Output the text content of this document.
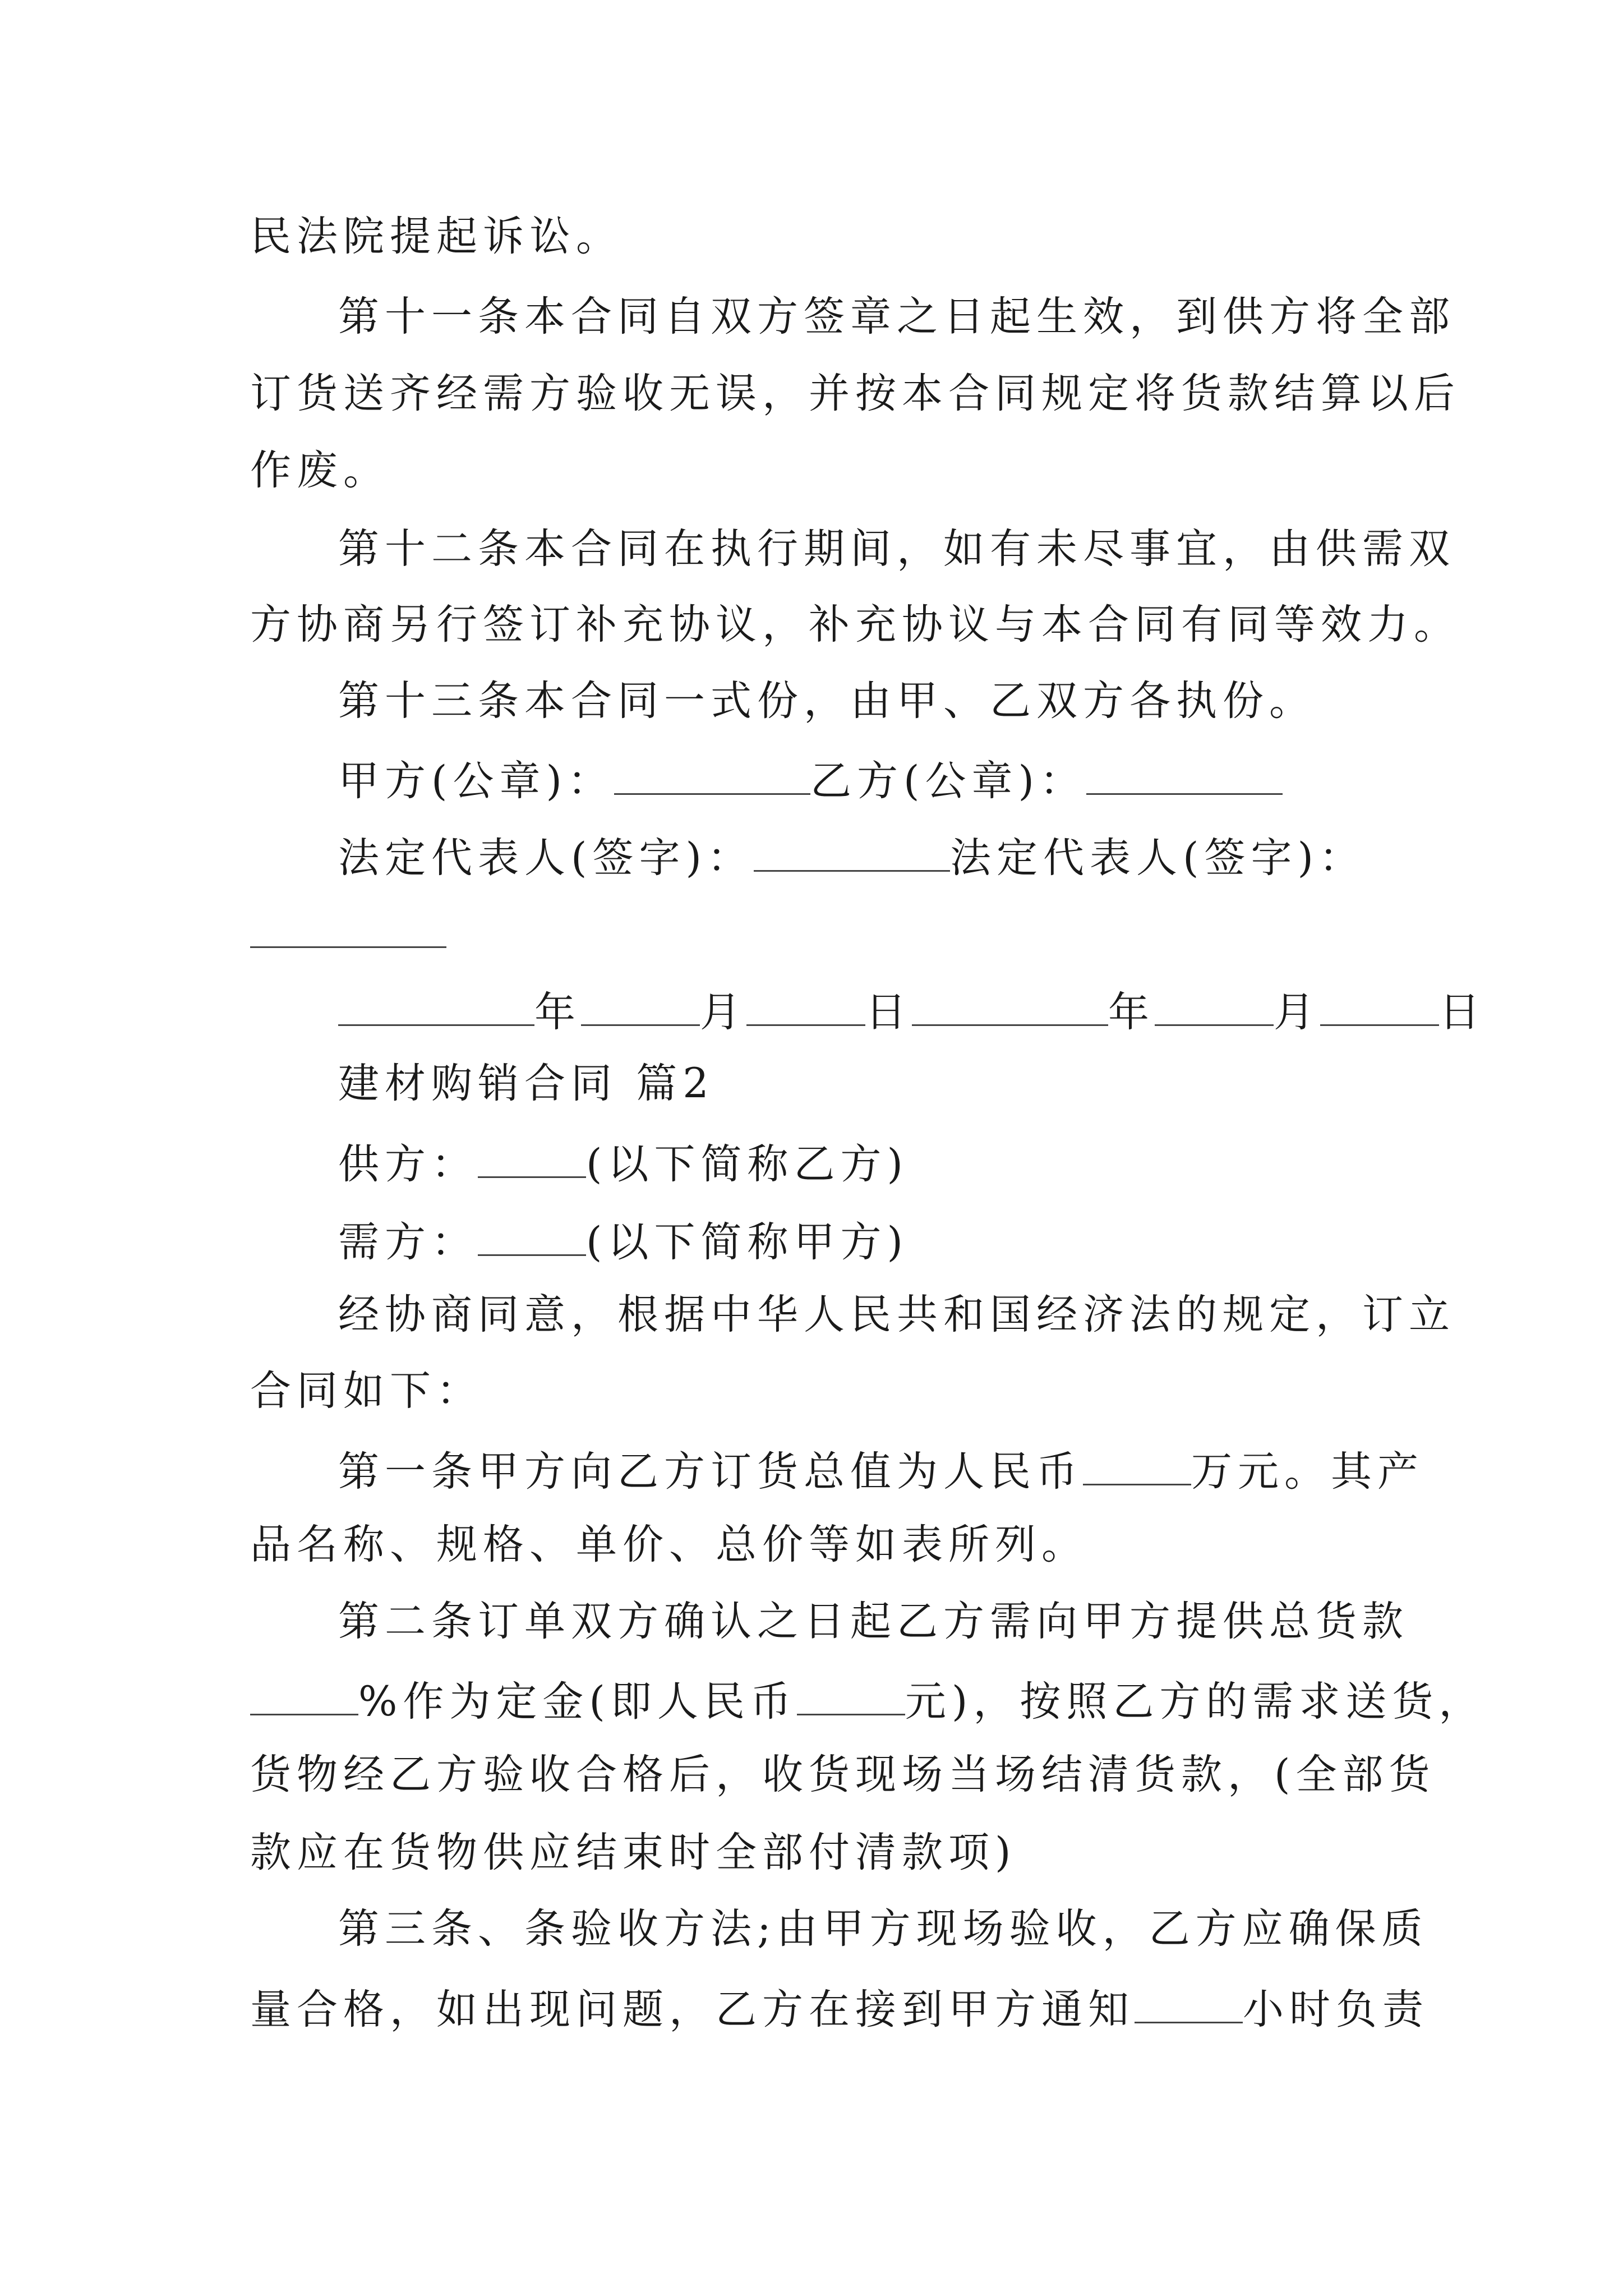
民法院提起诉讼。
第十一条本合同自双方签章之日起生效，到供方将全部
订货送齐经需方验收无误，并按本合同规定将货款结算以后
作废。
第十二条本合同在执行期间，如有未尽事宜，由供需双
方协商另行签订补充协议，补充协议与本合同有同等效力。
第十三条本合同一式份，由甲、乙双方各执份。
甲方(公章)：	乙方(公章)：
法定代表人(签字)：	法定代表人(签字)：
年	月	日	年	月	日
建材购销合同 篇2
供方：	(以下简称乙方)
需方：	(以下简称甲方)
经协商同意，根据中华人民共和国经济法的规定，订立
合同如下：
第一条甲方向乙方订货总值为人民币	万元。其产
品名称、规格、单价、总价等如表所列。
第二条订单双方确认之日起乙方需向甲方提供总货款
%作为定金(即人民币	元)，按照乙方的需求送货，
货物经乙方验收合格后，收货现场当场结清货款，(全部货
款应在货物供应结束时全部付清款项)
第三条、条验收方法;由甲方现场验收，乙方应确保质
量合格，如出现问题，乙方在接到甲方通知	小时负责
